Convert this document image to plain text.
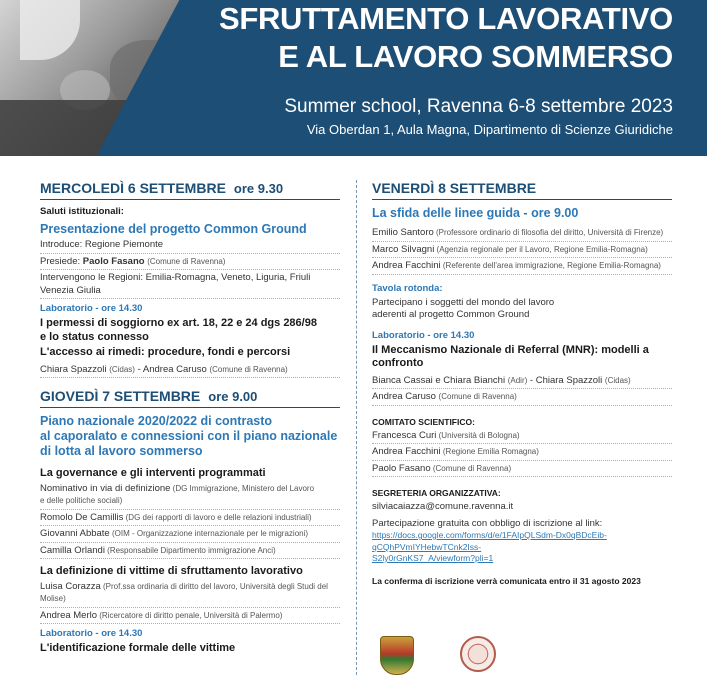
SFRUTTAMENTO LAVORATIVO
E AL LAVORO SOMMERSO
Summer school, Ravenna 6-8 settembre 2023
Via Oberdan 1, Aula Magna, Dipartimento di Scienze Giuridiche
MERCOLEDÌ 6 SETTEMBRE ore 9.30
Saluti istituzionali:
Presentazione del progetto Common Ground
Introduce: Regione Piemonte
Presiede: Paolo Fasano (Comune di Ravenna)
Intervengono le Regioni: Emilia-Romagna, Veneto, Liguria, Friuli Venezia Giulia
Laboratorio - ore 14.30
I permessi di soggiorno ex art. 18, 22 e 24 dgs 286/98
e lo status connesso
L'accesso ai rimedi: procedure, fondi e percorsi
Chiara Spazzoli (Cidas) - Andrea Caruso (Comune di Ravenna)
GIOVEDÌ 7 SETTEMBRE ore 9.00
Piano nazionale 2020/2022 di contrasto
al caporalato e connessioni con il piano nazionale
di lotta al lavoro sommerso
La governance e gli interventi programmati
Nominativo in via di definizione (DG Immigrazione, Ministero del Lavoro
e delle politiche sociali)
Romolo De Camillis (DG dei rapporti di lavoro e delle relazioni industriali)
Giovanni Abbate (OIM - Organizzazione internazionale per le migrazioni)
Camilla Orlandi (Responsabile Dipartimento immigrazione Anci)
La definizione di vittime di sfruttamento lavorativo
Luisa Corazza (Prof.ssa ordinaria di diritto del lavoro, Università degli Studi del Molise)
Andrea Merlo (Ricercatore di diritto penale, Università di Palermo)
Laboratorio - ore 14.30
L'identificazione formale delle vittime
VENERDÌ 8 SETTEMBRE
La sfida delle linee guida - ore 9.00
Emilio Santoro (Professore ordinario di filosofia del diritto, Università di Firenze)
Marco Silvagni (Agenzia regionale per il Lavoro, Regione Emilia-Romagna)
Andrea Facchini (Referente dell'area immigrazione, Regione Emilia-Romagna)
Tavola rotonda:
Partecipano i soggetti del mondo del lavoro
aderenti al progetto Common Ground
Laboratorio - ore 14.30
Il Meccanismo Nazionale di Referral (MNR): modelli a confronto
Bianca Cassai e Chiara Bianchi (Adir) - Chiara Spazzoli (Cidas)
Andrea Caruso (Comune di Ravenna)
COMITATO SCIENTIFICO:
Francesca Curi (Università di Bologna)
Andrea Facchini (Regione Emilia Romagna)
Paolo Fasano (Comune di Ravenna)
SEGRETERIA ORGANIZZATIVA:
silviacaiazza@comune.ravenna.it
Partecipazione gratuita con obbligo di iscrizione al link:
https://docs.google.com/forms/d/e/1FAIpQLSdm-Dx0qBDcEib-qCQhPVmIYHebwTCnk2Iss-
S2ly0rGnKS7_A/viewform?pli=1
La conferma di iscrizione verrà comunicata entro il 31 agosto 2023
